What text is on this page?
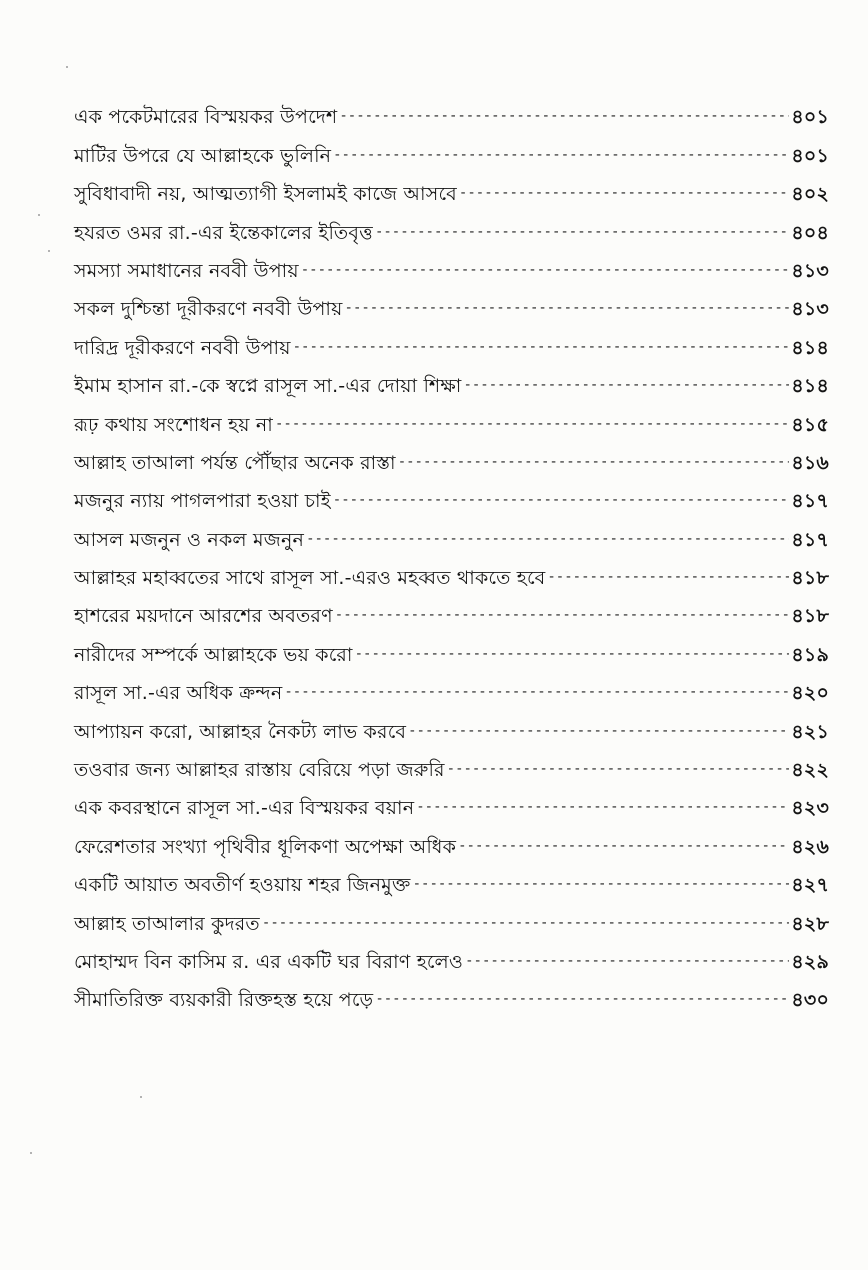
এক পকেটমারের বিস্ময়কর উপদেশ -----	৪০১
মাটির উপরে যে আল্লাহকে ভুলিনি -----	৪০১
সুবিধাবাদী নয়, আত্মত্যাগী ইসলামই কাজে আসবে -----	৪০২
হযরত ওমর রা.-এর ইন্তেকালের ইতিবৃত্ত -----	৪০৪
সমস্যা সমাধানের নববী উপায় -----	৪১৩
সকল দুশ্চিন্তা দূরীকরণে নববী উপায় -----	৪১৩
দারিদ্র দূরীকরণে নববী উপায় -----	৪১৪
ইমাম হাসান রা.-কে স্বপ্নে রাসূল সা.-এর দোয়া শিক্ষা -----	৪১৪
রূঢ় কথায় সংশোধন হয় না -----	৪১৫
আল্লাহ তাআলা পর্যন্ত পৌঁছার অনেক রাস্তা -----	৪১৬
মজনুর ন্যায় পাগলপারা হওয়া চাই -----	৪১৭
আসল মজনুন ও নকল মজনুন -----	৪১৭
আল্লাহর মহাব্বতের সাথে রাসূল সা.-এরও মহব্বত থাকতে হবে -----	৪১৮
হাশরের ময়দানে আরশের অবতরণ -----	৪১৮
নারীদের সম্পর্কে আল্লাহকে ভয় করো -----	৪১৯
রাসূল সা.-এর অধিক ক্রন্দন -----	৪২০
আপ্যায়ন করো, আল্লাহর নৈকট্য লাভ করবে -----	৪২১
তওবার জন্য আল্লাহর রাস্তায় বেরিয়ে পড়া জরুরি -----	৪২২
এক কবরস্থানে রাসূল সা.-এর বিস্ময়কর বয়ান -----	৪২৩
ফেরেশতার সংখ্যা পৃথিবীর ধূলিকণা অপেক্ষা অধিক -----	৪২৬
একটি আয়াত অবতীর্ণ হওয়ায় শহর জিনমুক্ত -----	৪২৭
আল্লাহ তাআলার কুদরত -----	৪২৮
মোহাম্মদ বিন কাসিম র. এর একটি ঘর বিরাণ হলেও -----	৪২৯
সীমাতিরিক্ত ব্যয়কারী রিক্তহস্ত হয়ে পড়ে -----	৪৩০
